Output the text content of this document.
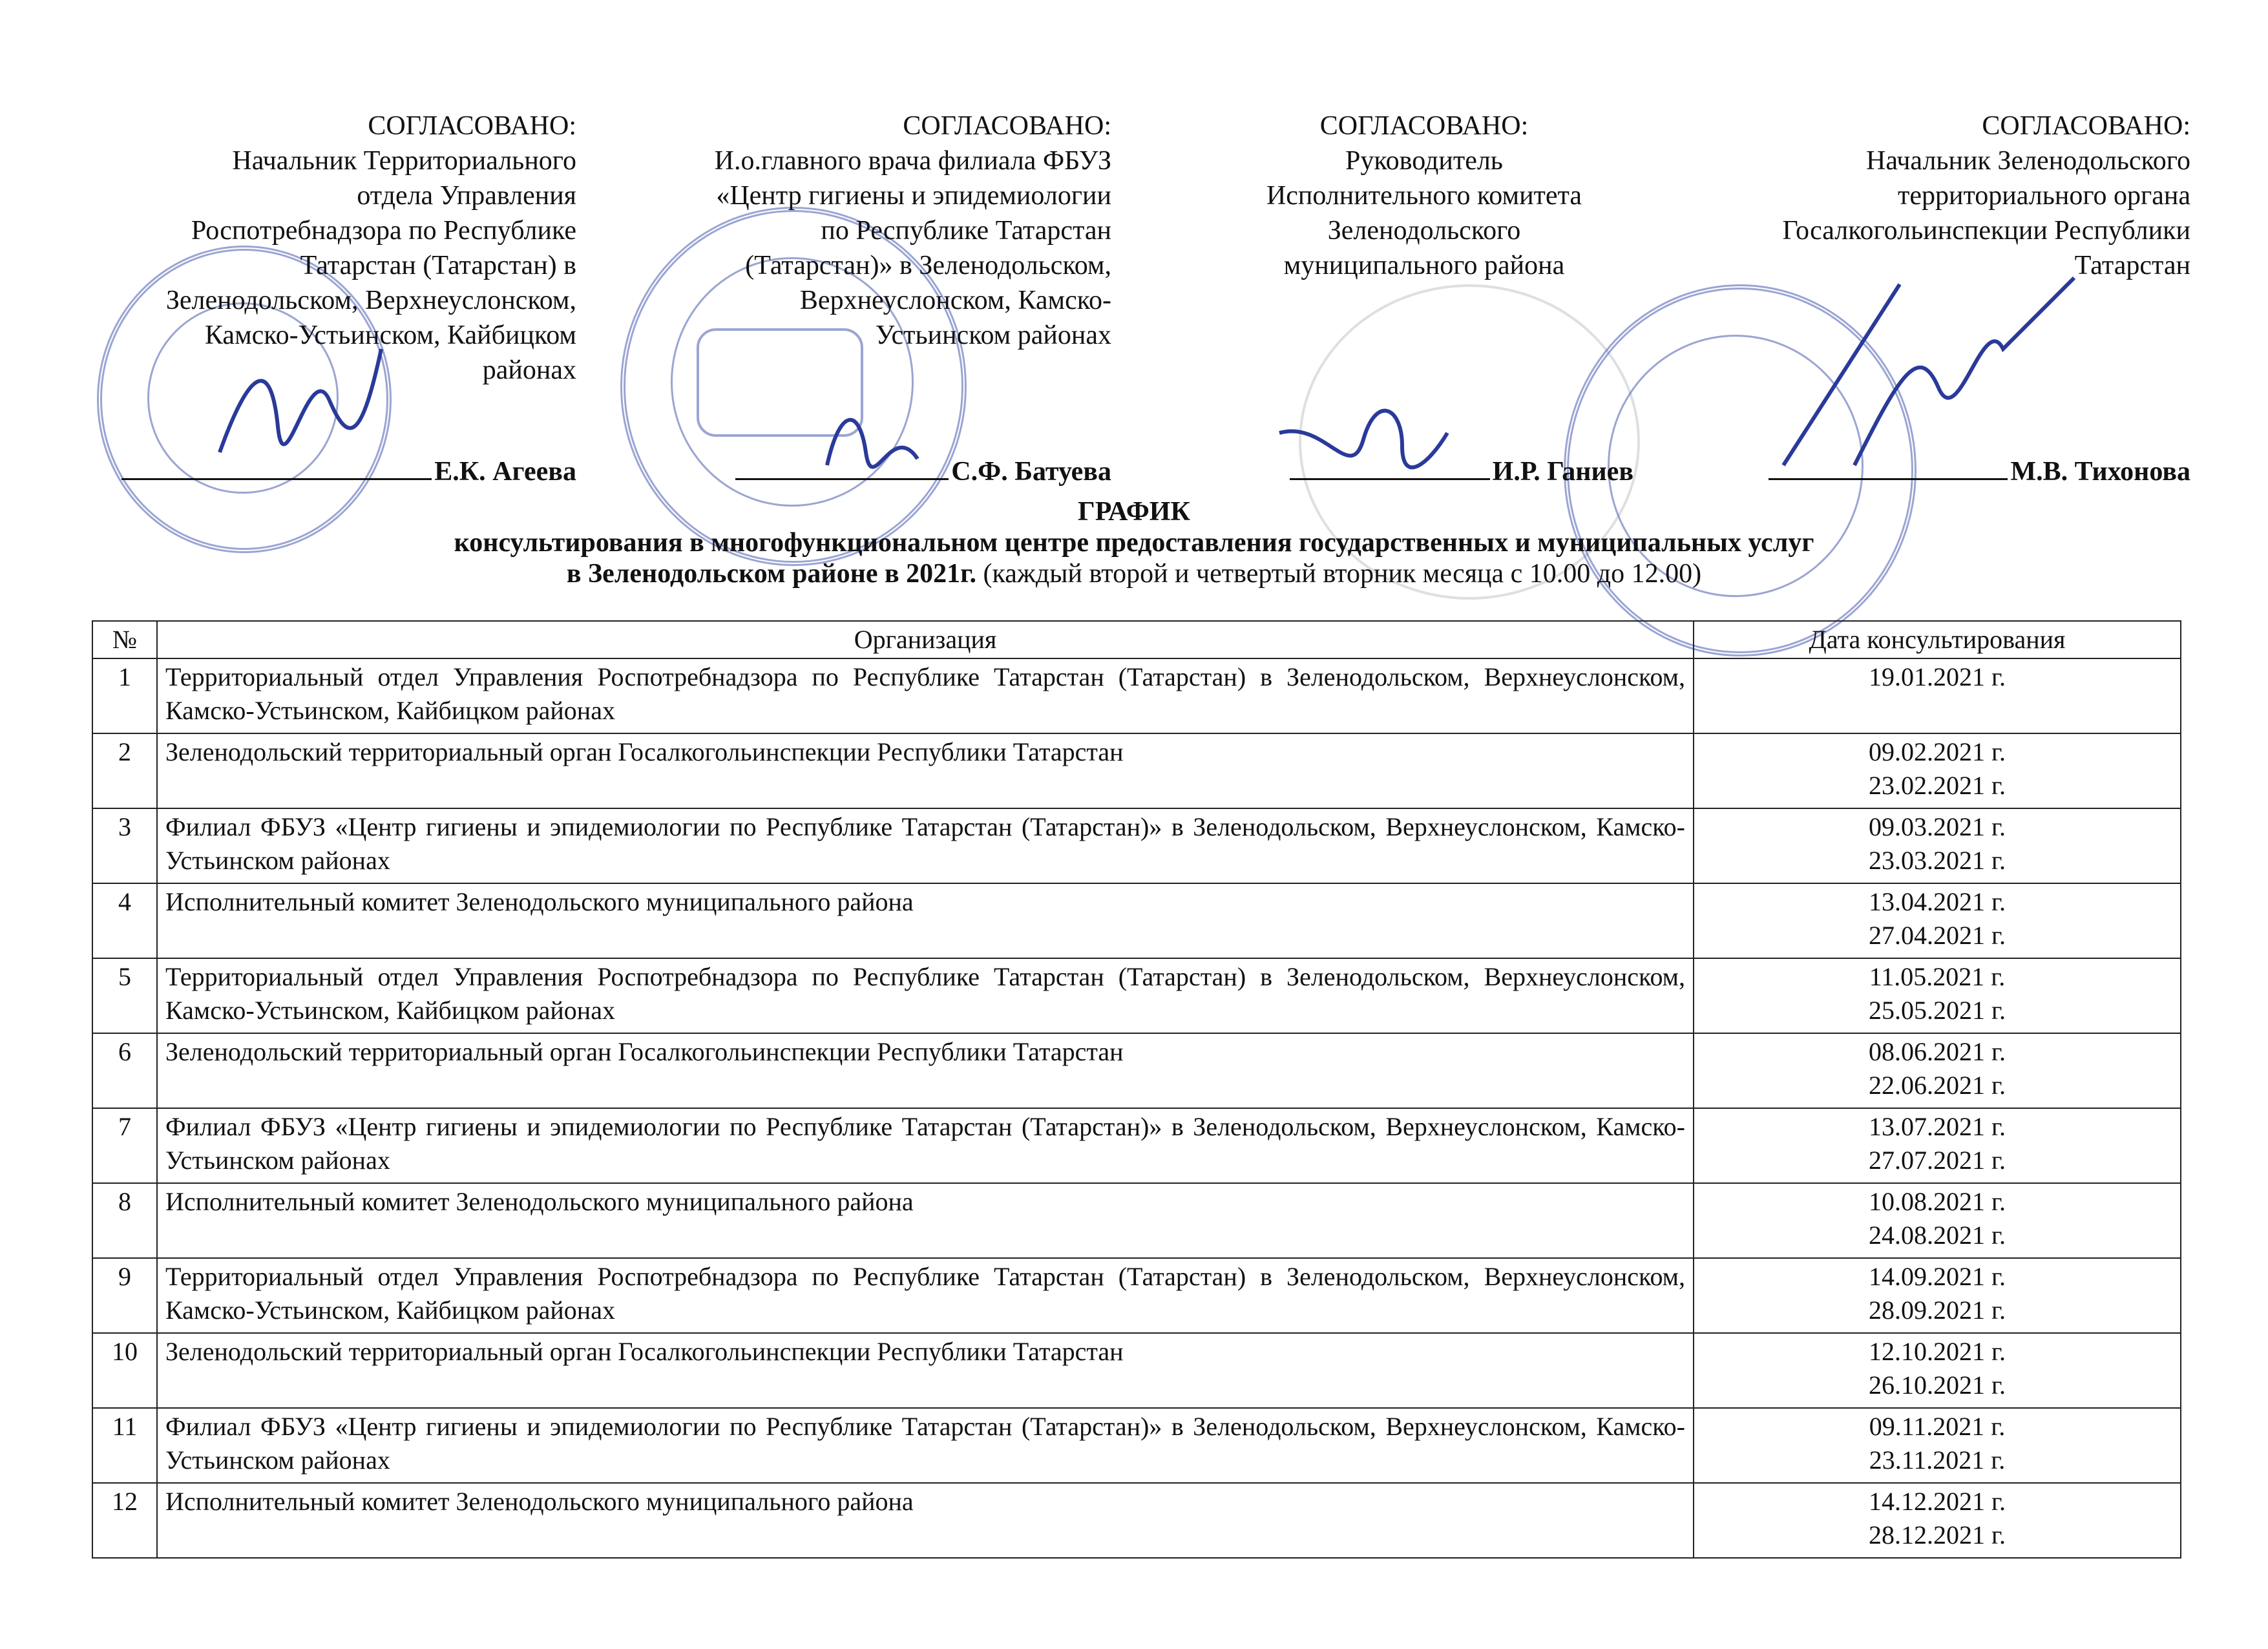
СОГЛАСОВАНО:
Начальник Территориального
отдела Управления
Роспотребнадзора по Республике
Татарстан (Татарстан) в
Зеленодольском, Верхнеуслонском,
Камско-Устьинском, Кайбицком
районах
Е.К. Агеева
СОГЛАСОВАНО:
И.о.главного врача филиала ФБУЗ
«Центр гигиены и эпидемиологии
по Республике Татарстан
(Татарстан)» в Зеленодольском,
Верхнеуслонском, Камско-
Устьинском районах
С.Ф. Батуева
СОГЛАСОВАНО:
Руководитель
Исполнительного комитета
Зеленодольского
муниципального района
И.Р. Ганиев
СОГЛАСОВАНО:
Начальник Зеленодольского
территориального органа
Госалкогольинспекции Республики
Татарстан
М.В. Тихонова
ГРАФИК
консультирования в многофункциональном центре предоставления государственных и муниципальных услуг
в Зеленодольском районе в 2021г. (каждый второй и четвертый вторник месяца с 10.00 до 12.00)
№	Организация	Дата консультирования
1	Территориальный отдел Управления Роспотребнадзора по Республике Татарстан (Татарстан) в Зеленодольском, Верхнеуслонском, Камско-Устьинском, Кайбицком районах	19.01.2021 г.

2	Зеленодольский территориальный орган Госалкогольинспекции Республики Татарстан	09.02.2021 г.
23.02.2021 г.

3	Филиал ФБУЗ «Центр гигиены и эпидемиологии по Республике Татарстан (Татарстан)» в Зеленодольском, Верхнеуслонском, Камско-Устьинском районах	09.03.2021 г.
23.03.2021 г.

4	Исполнительный комитет Зеленодольского муниципального района	13.04.2021 г.
27.04.2021 г.

5	Территориальный отдел Управления Роспотребнадзора по Республике Татарстан (Татарстан) в Зеленодольском, Верхнеуслонском, Камско-Устьинском, Кайбицком районах	11.05.2021 г.
25.05.2021 г.

6	Зеленодольский территориальный орган Госалкогольинспекции Республики Татарстан	08.06.2021 г.
22.06.2021 г.

7	Филиал ФБУЗ «Центр гигиены и эпидемиологии по Республике Татарстан (Татарстан)» в Зеленодольском, Верхнеуслонском, Камско-Устьинском районах	13.07.2021 г.
27.07.2021 г.

8	Исполнительный комитет Зеленодольского муниципального района	10.08.2021 г.
24.08.2021 г.

9	Территориальный отдел Управления Роспотребнадзора по Республике Татарстан (Татарстан) в Зеленодольском, Верхнеуслонском, Камско-Устьинском, Кайбицком районах	14.09.2021 г.
28.09.2021 г.

10	Зеленодольский территориальный орган Госалкогольинспекции Республики Татарстан	12.10.2021 г.
26.10.2021 г.

11	Филиал ФБУЗ «Центр гигиены и эпидемиологии по Республике Татарстан (Татарстан)» в Зеленодольском, Верхнеуслонском, Камско-Устьинском районах	09.11.2021 г.
23.11.2021 г.

12	Исполнительный комитет Зеленодольского муниципального района	14.12.2021 г.
28.12.2021 г.
